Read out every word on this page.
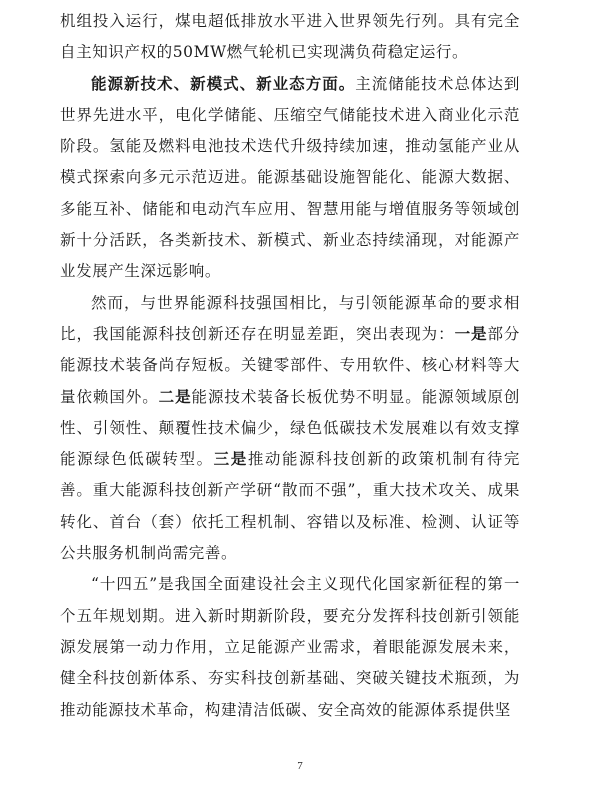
机组投入运行，煤电超低排放水平进入世界领先行列。具有完全自主知识产权的50MW燃气轮机已实现满负荷稳定运行。

能源新技术、新模式、新业态方面。主流储能技术总体达到世界先进水平，电化学储能、压缩空气储能技术进入商业化示范阶段。氢能及燃料电池技术迭代升级持续加速，推动氢能产业从模式探索向多元示范迈进。能源基础设施智能化、能源大数据、多能互补、储能和电动汽车应用、智慧用能与增值服务等领域创新十分活跃，各类新技术、新模式、新业态持续涌现，对能源产业发展产生深远影响。

然而，与世界能源科技强国相比，与引领能源革命的要求相比，我国能源科技创新还存在明显差距，突出表现为：一是部分能源技术装备尚存短板。关键零部件、专用软件、核心材料等大量依赖国外。二是能源技术装备长板优势不明显。能源领域原创性、引领性、颠覆性技术偏少，绿色低碳技术发展难以有效支撑能源绿色低碳转型。三是推动能源科技创新的政策机制有待完善。重大能源科技创新产学研“散而不强”，重大技术攻关、成果转化、首台（套）依托工程机制、容错以及标准、检测、认证等公共服务机制尚需完善。

“十四五”是我国全面建设社会主义现代化国家新征程的第一个五年规划期。进入新时期新阶段，要充分发挥科技创新引领能源发展第一动力作用，立足能源产业需求，着眼能源发展未来，健全科技创新体系、夯实科技创新基础、突破关键技术瓶颈，为推动能源技术革命，构建清洁低碳、安全高效的能源体系提供坚

7
